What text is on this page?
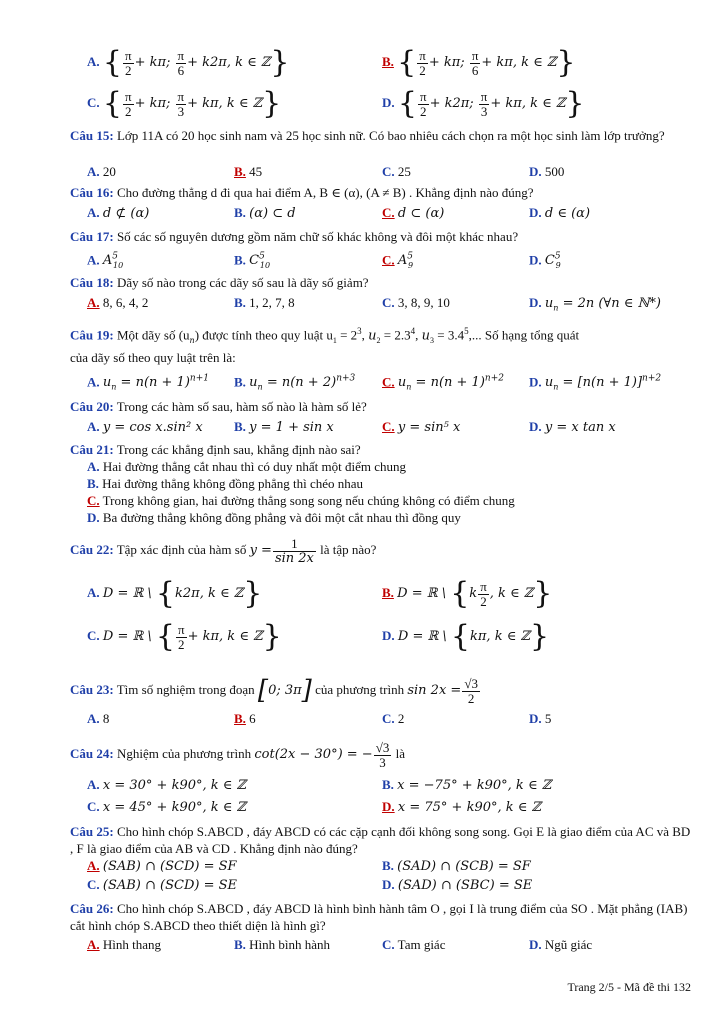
A. { $\frac{\pi}{2} + k\pi$; $\frac{\pi}{6} + k2\pi$, k ∈ ℤ}	B. { $\frac{\pi}{2} + k\pi$; $\frac{\pi}{6} + k\pi$, k ∈ ℤ}
C. { $\frac{\pi}{2} + k\pi$; $\frac{\pi}{3} + k\pi$, k ∈ ℤ}	D. { $\frac{\pi}{2} + k2\pi$; $\frac{\pi}{3} + k\pi$, k ∈ ℤ}
Câu 15: Lớp 11A có 20 học sinh nam và 25 học sinh nữ. Có bao nhiêu cách chọn ra một học sinh làm lớp trưởng?
A. 20	B. 45	C. 25	D. 500
Câu 16: Cho đường thẳng d đi qua hai điểm A, B ∈ (α), (A ≠ B) . Khẳng định nào đúng?
A. d ⊄ (α)	B. (α) ⊂ d	C. d ⊂ (α)	D. d ∈ (α)
Câu 17: Số các số nguyên dương gồm năm chữ số khác không và đôi một khác nhau?
A. $A^5_{10}$	B. $C^5_{10}$	C. $A^5_9$	D. $C^5_9$
Câu 18: Dãy số nào trong các dãy số sau là dãy số giảm?
A. 8, 6, 4, 2	B. 1, 2, 7, 8	C. 3, 8, 9, 10	D. $u_n = 2n$ (∀n ∈ ℕ*)
Câu 19: Một dãy số $(u_n)$ được tính theo quy luật $u_1 = 2^3$, $u_2 = 2.3^4$, $u_3 = 3.4^5$,... Số hạng tổng quát
của dãy số theo quy luật trên là:
A. $u_n = n(n + 1)^{n+1}$ B. $u_n = n(n + 2)^{n+3}$ C. $u_n = n(n + 1)^{n+2}$ D. $u_n = [n(n + 1)]^{n+2}$
Câu 20: Trong các hàm số sau, hàm số nào là hàm số lẻ?
A. y = cos x.sin² x B. y = 1 + sin x	C. y = sin⁵ x	D. y = x tan x
Câu 21: Trong các khẳng định sau, khẳng định nào sai?
A. Hai đường thẳng cắt nhau thì có duy nhất một điểm chung
B. Hai đường thẳng không đồng phẳng thì chéo nhau
C. Trong không gian, hai đường thẳng song song nếu chúng không có điểm chung
D. Ba đường thẳng không đồng phẳng và đôi một cắt nhau thì đồng quy
Câu 22: Tập xác định của hàm số $y = \frac{1}{\sin 2x}$ là tập nào?
A. D = ℝ \ {k2π, k ∈ ℤ}	B. D = ℝ \ {$k \frac{\pi}{2}$ , k ∈ ℤ}
C. D = ℝ \ { $\frac{\pi}{2} + k\pi$, k ∈ ℤ}	D. D = ℝ \ {kπ, k ∈ ℤ}
Câu 23: Tìm số nghiệm trong đoạn [0; 3π] của phương trình $\sin 2x = \frac{√3}{2}$
A. 8	B. 6	C. 2	D. 5
Câu 24: Nghiệm của phương trình cot(2x − 30°) = − $\frac{√3}{3}$ là
A. x = 30° + k90°, k ∈ ℤ	B. x = −75° + k90°, k ∈ ℤ
C. x = 45° + k90°, k ∈ ℤ	D. x = 75° + k90°, k ∈ ℤ
Câu 25: Cho hình chóp S.ABCD , đáy ABCD có các cặp cạnh đối không song song. Gọi E là giao điểm của AC và BD , F là giao điểm của AB và CD . Khẳng định nào đúng?
A. (SAB) ∩ (SCD) = SF	B. (SAD) ∩ (SCB) = SF
C. (SAB) ∩ (SCD) = SE	D. (SAD) ∩ (SBC) = SE
Câu 26: Cho hình chóp S.ABCD , đáy ABCD là hình bình hành tâm O , gọi I là trung điểm của SO . Mặt phẳng (IAB) cắt hình chóp S.ABCD theo thiết diện là hình gì?
A. Hình thang	B. Hình bình hành	C. Tam giác	D. Ngũ giác
Trang 2/5 - Mã đề thi 132
